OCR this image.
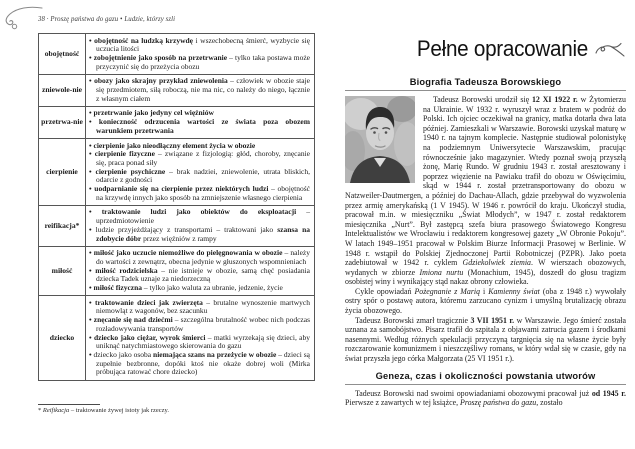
38 · Proszę państwa do gazu • Ludzie, którzy szli
obojętność	• obojętność na ludzką krzywdę i wszechobecną śmierć, wyzbycie się uczucia litości
• zobojętnienie jako sposób na przetrwanie – tylko taka postawa może przyczynić się do przeżycia obozu

zniewole-nie	• obozy jako skrajny przykład zniewolenia – człowiek w obozie staje się przedmiotem, siłą roboczą, nie ma nic, co należy do niego, łącznie z własnym ciałem

przetrwa-nie	• przetrwanie jako jedyny cel więźniów
• konieczność odrzucenia wartości ze świata poza obozem warunkiem przetrwania

cierpienie	• cierpienie jako nieodłączny element życia w obozie
• cierpienie fizyczne – związane z fizjologią: głód, choroby, znęcanie się, praca ponad siły
• cierpienie psychiczne – brak nadziei, zniewolenie, utrata bliskich, odarcie z godności
• uodparnianie się na cierpienie przez niektórych ludzi – obojętność na krzywdę innych jako sposób na zmniejszenie własnego cierpienia

reifikacja*	• traktowanie ludzi jako obiektów do eksploatacji – uprzedmiotowienie
• ludzie przyjeżdżający z transportami – traktowani jako szansa na zdobycie dóbr przez więźniów z rampy

miłość	• miłość jako uczucie niemożliwe do pielęgnowania w obozie – należy do wartości z zewnątrz, obecna jedynie w głuszonych wspomnieniach
• miłość rodzicielska – nie istnieje w obozie, samą chęć posiadania dziecka Tadek uznaje za niedorzeczną
• miłość fizyczna – tylko jako waluta za ubranie, jedzenie, życie

dziecko	• traktowanie dzieci jak zwierzęta – brutalne wynoszenie martwych niemowląt z wagonów, bez szacunku
• znęcanie się nad dziećmi – szczególna brutalność wobec nich podczas rozładowywania transportów
• dziecko jako ciężar, wyrok śmierci – matki wyrzekają się dzieci, aby uniknąć natychmiastowego skierowania do gazu
• dziecko jako osoba niemająca szans na przeżycie w obozie – dzieci są zupełnie bezbronne, dopóki ktoś nie okaże dobrej woli (Mirka próbująca ratować chore dziecko)
* Reifikacja – traktowanie żywej istoty jak rzeczy.
Pełne opracowanie
Biografia Tadeusza Borowskiego

Tadeusz Borowski urodził się 12 XI 1922 r. w Żytomierzu na Ukrainie. W 1932 r. wyruszył wraz z bratem w podróż do Polski. Ich ojciec oczekiwał na granicy, matka dotarła dwa lata później. Zamieszkali w Warszawie. Borowski uzyskał maturę w 1940 r. na tajnym komplecie. Następnie studiował polonistykę na podziemnym Uniwersytecie Warszawskim, pracując równocześnie jako magazynier. Wtedy poznał swoją przyszłą żonę, Marię Rundo. W grudniu 1943 r. został aresztowany i poprzez więzienie na Pawiaku trafił do obozu w Oświęcimiu, skąd w 1944 r. został przetransportowany do obozu w Natzweiler-Dautmergen, a później do Dachau-Allach, gdzie przebywał do wyzwolenia przez armię amerykańską (1 V 1945). W 1946 r. powrócił do kraju. Ukończył studia, pracował m.in. w miesięczniku „Świat Młodych”, w 1947 r. został redaktorem miesięcznika „Nurt”. Był zastępcą szefa biura prasowego Światowego Kongresu Intelektualistów we Wrocławiu i redaktorem kongresowej gazety „W Obronie Pokoju”. W latach 1949–1951 pracował w Polskim Biurze Informacji Prasowej w Berlinie. W 1948 r. wstąpił do Polskiej Zjednoczonej Partii Robotniczej (PZPR). Jako poeta zadebiutował w 1942 r. cyklem Gdziekolwiek ziemia. W wierszach obozowych, wydanych w zbiorze Imiona nurtu (Monachium, 1945), doszedł do głosu tragizm osobistej winy i wynikający stąd nakaz obrony człowieka.

Cykle opowiadań Pożegnanie z Marią i Kamienny świat (oba z 1948 r.) wywołały ostry spór o postawę autora, któremu zarzucano cynizm i umyślną brutalizację obrazu życia obozowego.

Tadeusz Borowski zmarł tragicznie 3 VII 1951 r. w Warszawie. Jego śmierć została uznana za samobójstwo. Pisarz trafił do szpitala z objawami zatrucia gazem i środkami nasennymi. Według różnych spekulacji przyczyną targnięcia się na własne życie były rozczarowanie komunizmem i nieszczęśliwy romans, w który wdał się w czasie, gdy na świat przyszła jego córka Małgorzata (25 VI 1951 r.).

Geneza, czas i okoliczności powstania utworów

Tadeusz Borowski nad swoimi opowiadaniami obozowymi pracował już od 1945 r. Pierwsze z zawartych w tej książce, Proszę państwa do gazu, zostało
